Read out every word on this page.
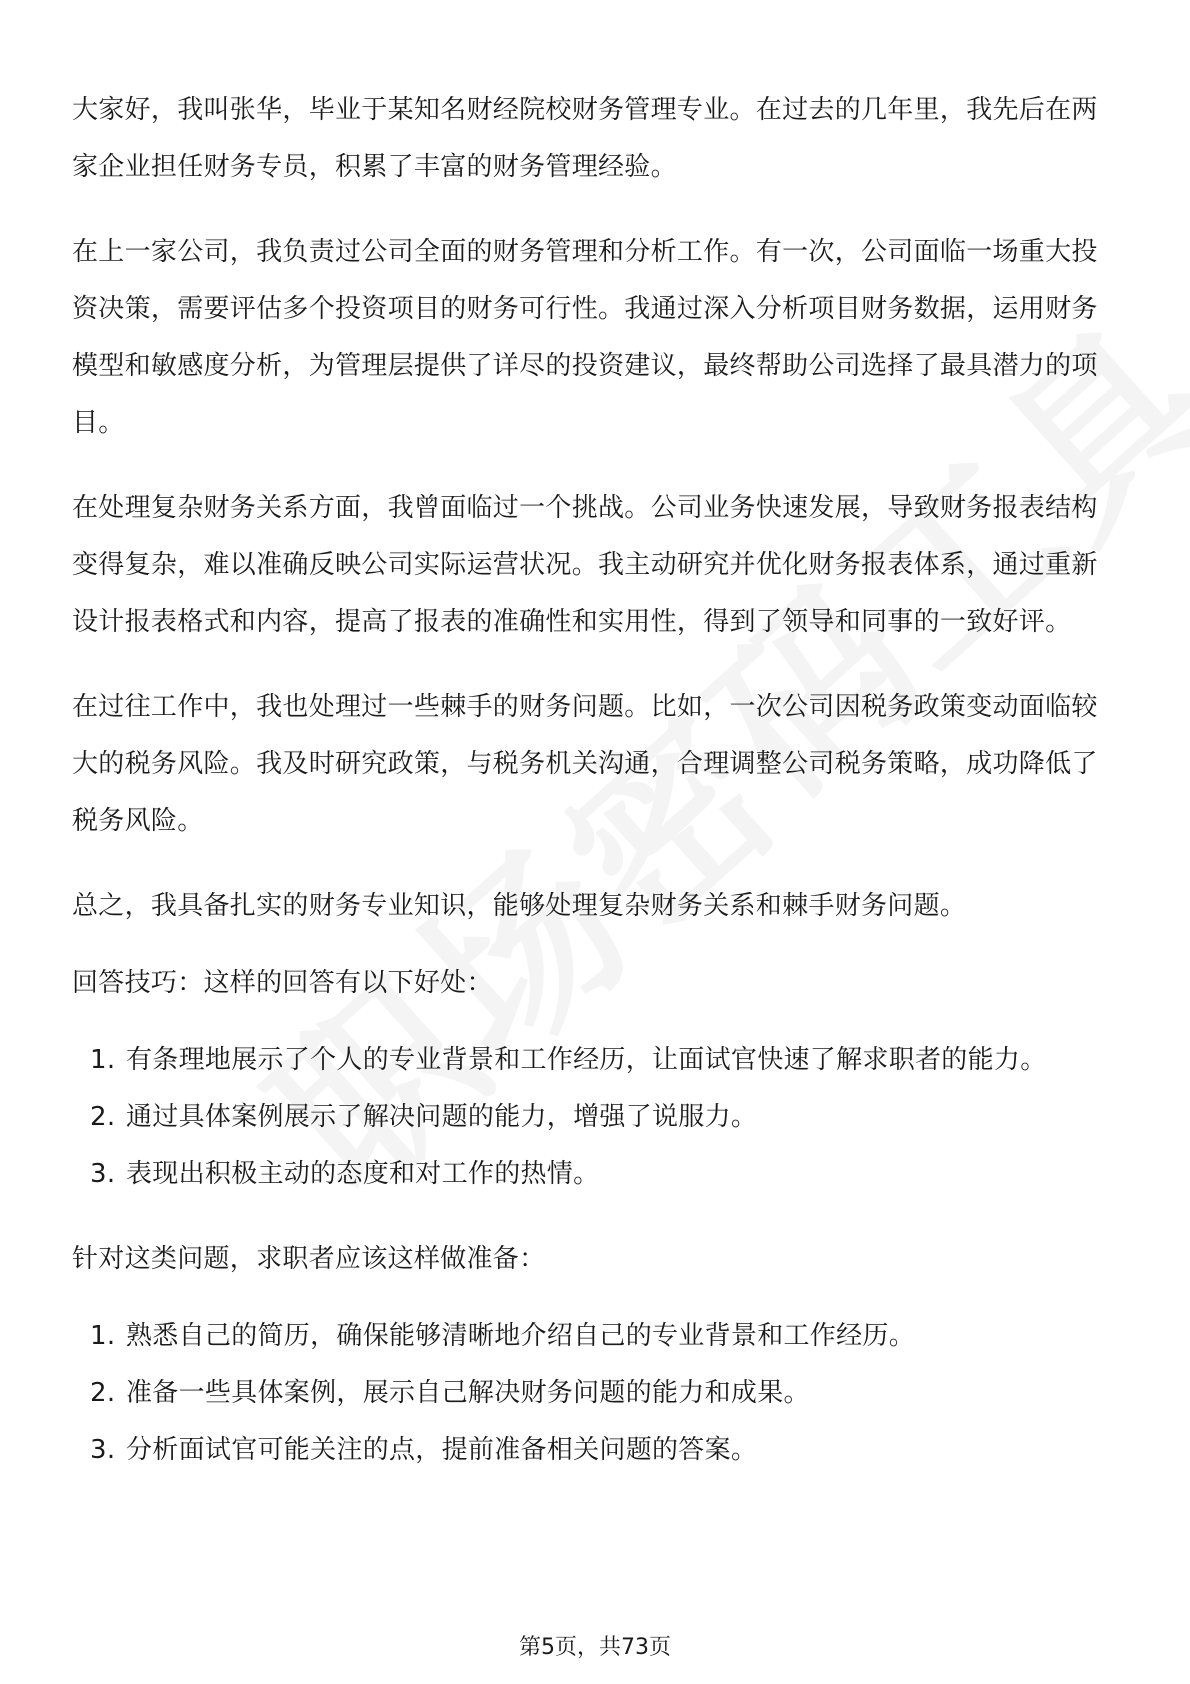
大家好，我叫张华，毕业于某知名财经院校财务管理专业。在过去的几年里，我先后在两家企业担任财务专员，积累了丰富的财务管理经验。

在上一家公司，我负责过公司全面的财务管理和分析工作。有一次，公司面临一场重大投资决策，需要评估多个投资项目的财务可行性。我通过深入分析项目财务数据，运用财务模型和敏感度分析，为管理层提供了详尽的投资建议，最终帮助公司选择了最具潜力的项目。

在处理复杂财务关系方面，我曾面临过一个挑战。公司业务快速发展，导致财务报表结构变得复杂，难以准确反映公司实际运营状况。我主动研究并优化财务报表体系，通过重新设计报表格式和内容，提高了报表的准确性和实用性，得到了领导和同事的一致好评。

在过往工作中，我也处理过一些棘手的财务问题。比如，一次公司因税务政策变动面临较大的税务风险。我及时研究政策，与税务机关沟通，合理调整公司税务策略，成功降低了税务风险。

总之，我具备扎实的财务专业知识，能够处理复杂财务关系和棘手财务问题。

回答技巧：这样的回答有以下好处：

1. 有条理地展示了个人的专业背景和工作经历，让面试官快速了解求职者的能力。
2. 通过具体案例展示了解决问题的能力，增强了说服力。
3. 表现出积极主动的态度和对工作的热情。

针对这类问题，求职者应该这样做准备：

1. 熟悉自己的简历，确保能够清晰地介绍自己的专业背景和工作经历。
2. 准备一些具体案例，展示自己解决财务问题的能力和成果。
3. 分析面试官可能关注的点，提前准备相关问题的答案。
第5页，共73页
